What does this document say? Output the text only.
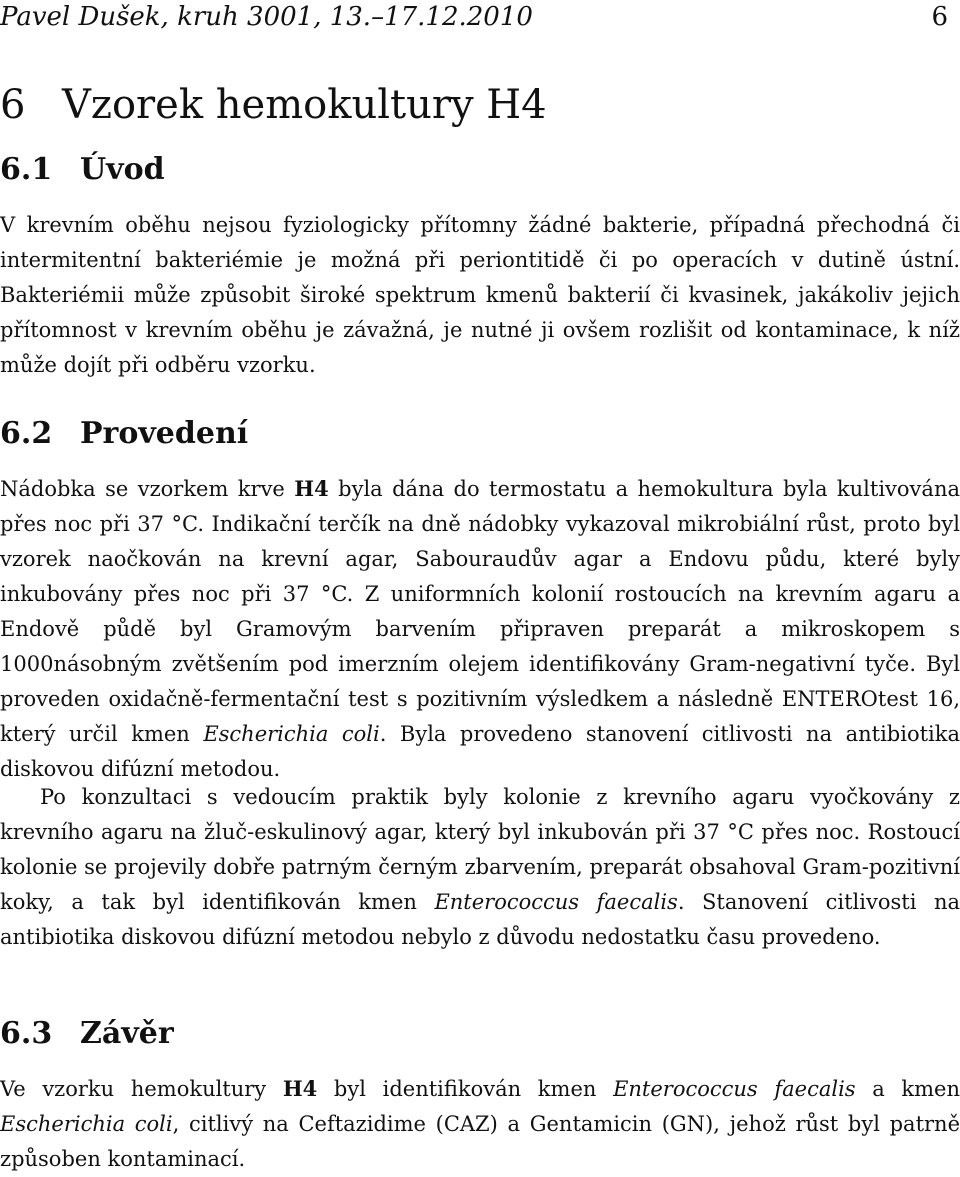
Pavel Dušek, kruh 3001, 13.–17.12.2010	6
6 Vzorek hemokultury H4
6.1 Úvod

V krevním oběhu nejsou fyziologicky přítomny žádné bakterie, případná přechodná či intermitentní bakteriémie je možná při periontitidě či po operacích v dutině ústní. Bakteriémii může způsobit široké spektrum kmenů bakterií či kvasinek, jakákoliv jejich přítomnost v krevním oběhu je závažná, je nutné ji ovšem rozlišit od kontaminace, k níž může dojít při odběru vzorku.

6.2 Provedení

Nádobka se vzorkem krve H4 byla dána do termostatu a hemokultura byla kultivována přes noc při 37 °C. Indikační terčík na dně nádobky vykazoval mikrobiální růst, proto byl vzorek naočkován na krevní agar, Sabouraudův agar a Endovu půdu, které byly inkubovány přes noc při 37 °C. Z uniformních kolonií rostoucích na krevním agaru a Endově půdě byl Gramovým barvením připraven preparát a mikroskopem s 1000násobným zvětšením pod imerzním olejem identifikovány Gram-negativní tyče. Byl proveden oxidačně-fermentační test s pozitivním výsledkem a následně ENTEROtest 16, který určil kmen Escherichia coli. Byla provedeno stanovení citlivosti na antibiotika diskovou difúzní metodou.

Po konzultaci s vedoucím praktik byly kolonie z krevního agaru vyočkovány z krevního agaru na žluč-eskulinový agar, který byl inkubován při 37 °C přes noc. Rostoucí kolonie se projevily dobře patrným černým zbarvením, preparát obsahoval Gram-pozitivní koky, a tak byl identifikován kmen Enterococcus faecalis. Stanovení citlivosti na antibiotika diskovou difúzní metodou nebylo z důvodu nedostatku času provedeno.

6.3 Závěr

Ve vzorku hemokultury H4 byl identifikován kmen Enterococcus faecalis a kmen Escherichia coli, citlivý na Ceftazidime (CAZ) a Gentamicin (GN), jehož růst byl patrně způsoben kontaminací.
